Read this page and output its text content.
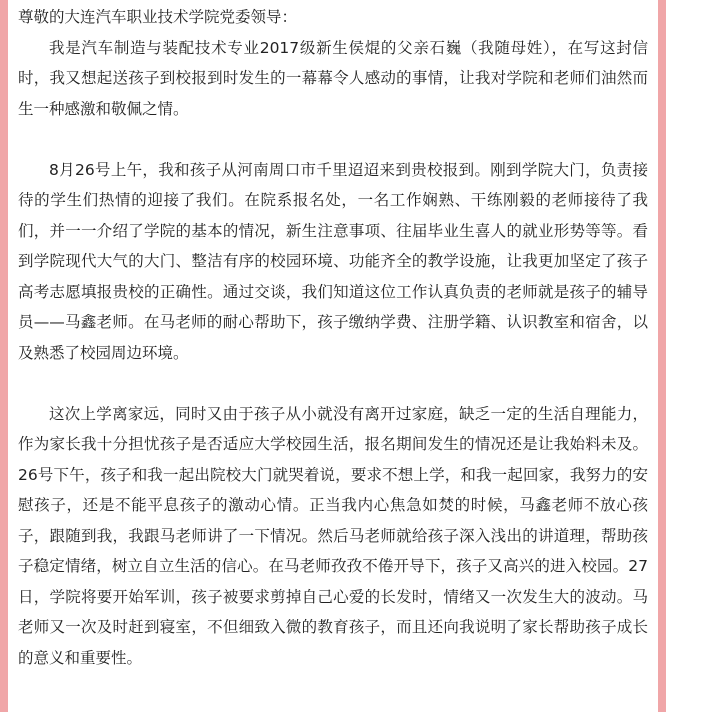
尊敬的大连汽车职业技术学院党委领导：

我是汽车制造与装配技术专业2017级新生侯焜的父亲石巍（我随母姓），在写这封信时，我又想起送孩子到校报到时发生的一幕幕令人感动的事情，让我对学院和老师们油然而生一种感激和敬佩之情。

8月26号上午，我和孩子从河南周口市千里迢迢来到贵校报到。刚到学院大门，负责接待的学生们热情的迎接了我们。在院系报名处，一名工作娴熟、干练刚毅的老师接待了我们，并一一介绍了学院的基本的情况，新生注意事项、往届毕业生喜人的就业形势等等。看到学院现代大气的大门、整洁有序的校园环境、功能齐全的教学设施，让我更加坚定了孩子高考志愿填报贵校的正确性。通过交谈，我们知道这位工作认真负责的老师就是孩子的辅导员——马鑫老师。在马老师的耐心帮助下，孩子缴纳学费、注册学籍、认识教室和宿舍，以及熟悉了校园周边环境。

这次上学离家远，同时又由于孩子从小就没有离开过家庭，缺乏一定的生活自理能力，作为家长我十分担忧孩子是否适应大学校园生活，报名期间发生的情况还是让我始料未及。26号下午，孩子和我一起出院校大门就哭着说，要求不想上学，和我一起回家，我努力的安慰孩子，还是不能平息孩子的激动心情。正当我内心焦急如焚的时候，马鑫老师不放心孩子，跟随到我，我跟马老师讲了一下情况。然后马老师就给孩子深入浅出的讲道理，帮助孩子稳定情绪，树立自立生活的信心。在马老师孜孜不倦开导下，孩子又高兴的进入校园。27日，学院将要开始军训，孩子被要求剪掉自己心爱的长发时，情绪又一次发生大的波动。马老师又一次及时赶到寝室，不但细致入微的教育孩子，而且还向我说明了家长帮助孩子成长的意义和重要性。
